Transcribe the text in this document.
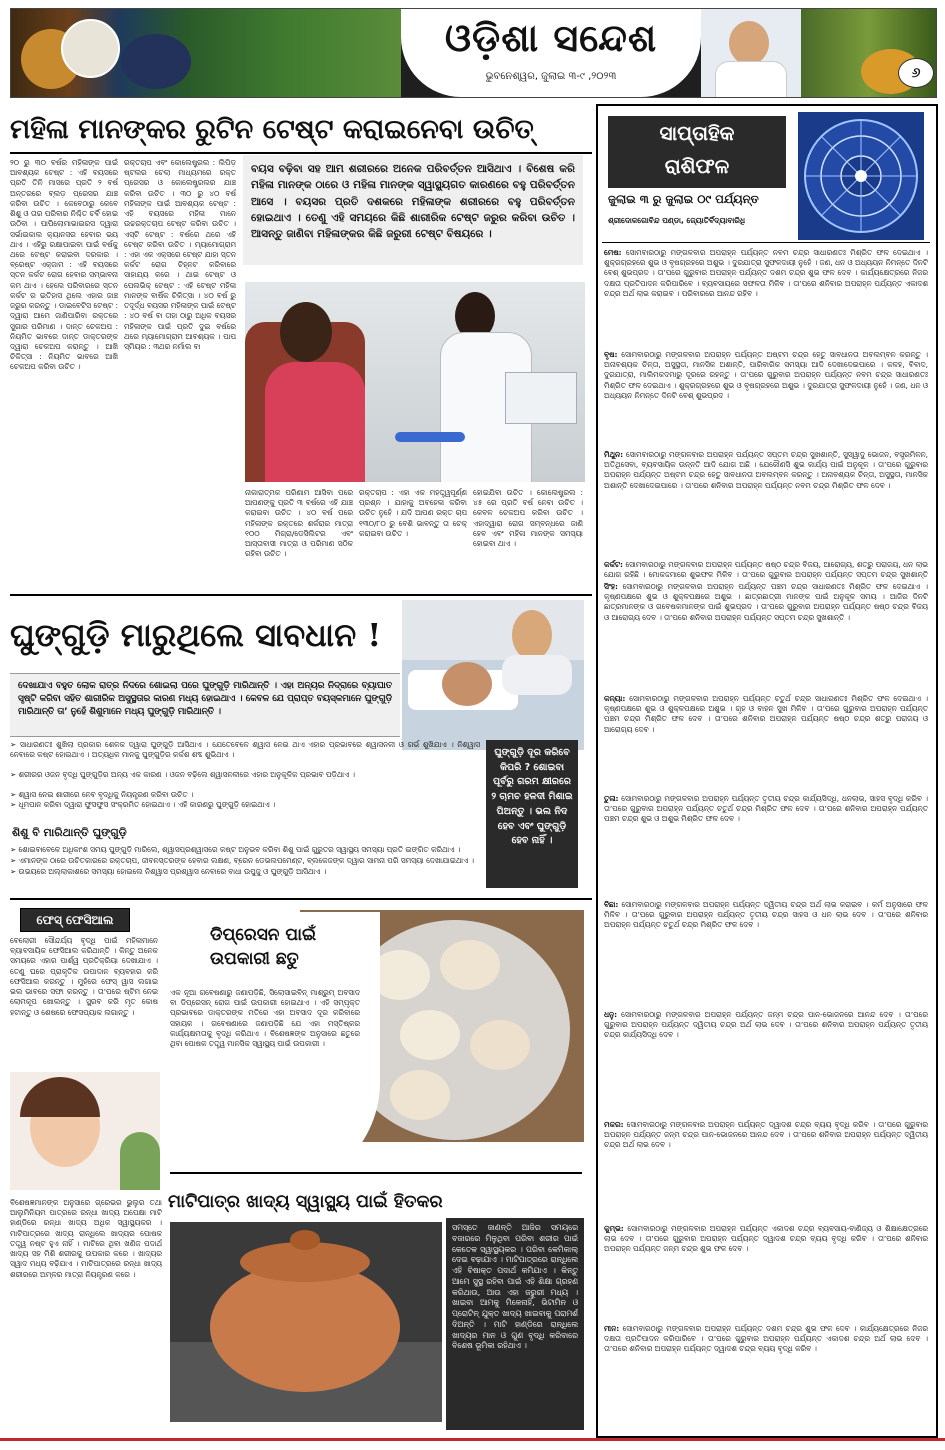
ଓଡ଼ିଶା ସନ୍ଦେଶ
ଭୁବନେଶ୍ୱର, ଜୁଲାଇ ୩-୯ ,୨୦୨୩	୬
ମହିଳା ମାନଙ୍କର ରୁଟିନ ଟେଷ୍ଟ କରାଇନେବା ଉଚିତ୍
୨୦ ରୁ ୩୦ ବର୍ଷର ମହିଳାଙ୍କ ପାଇଁ ଆବଶ୍ୟକ ଟେଷ୍ଟ : ଏହି ବୟସରେ ପ୍ରତି ତିନି ମାସରେ ପ୍ରତି ୨ ବର୍ଷ ଅନ୍ତରରେ ବ୍ଲଡ଼ ପ୍ରେସର ଯାଞ୍ଚ କରିବା ଉଚିତ । କେବେଠାରୁ କେବେ ଶିଶୁ ଓ ତାର ପରିବାର ନିଶ୍ଚିତ ଚର୍ବି ହୋଇ ଉଠିବା । ପାପିଲୋମାଭାଇରସ ଦ୍ୱାରା ସର୍ଭାଇକାଲ କ୍ୟାନସର ହେବାର ଭୟ ଥାଏ । ଏହିରୁ ରକ୍ଷାପାଇବା ପାଇଁ ବର୍ଷକୁ ଥରେ ଟେଷ୍ଟ କରାଇବା ଦରକାର । ବ୍ରେଷ୍ଟ ଏକ୍ଜାମ : ଏହି ବୟସରେ ସ୍ତନ କର୍କଟ ରୋଗ ହେବାର ସମ୍ଭାବନା କମ ଥାଏ । ହେଲେ ପରିବାରରେ ସ୍ତନ କର୍କଟ ର ଇତିହାସ ଥିଲେ ଏହାର ଜାଞ୍ଚ ଜରୁର କରନ୍ତୁ । ଡାଇବେଟିସ ଟେଷ୍ଟ : ଦ୍ୱାରା ଆମେ ଜାଣିପାରିବା ରକ୍ତରେ ସୁଗାର ପରିମାଣ । ଦାନ୍ତ ଚେକଅପ : ନିୟମିତ ଭାବରେ ଦାନ୍ତ ଡାକ୍ତରଙ୍କ ଦ୍ୱାରା ଚେକଅପ କରାନ୍ତୁ । ଆଖି ଚିକିତ୍ସା : ନିୟମିତ ଭାବରେ ଆଖି ଚେକଅପ କରିବା ଉଚିତ ।
ରକ୍ତଚାପ ଏବଂ କୋଲେଷ୍ଟ୍ରଲ : ଲିପିଡ଼ ଷ୍ଟଲର ଚେଲା ମାଧ୍ୟମରେ ରକ୍ତ ପ୍ରେସର ଓ କୋଲେଷ୍ଟ୍ରଲର ଯାଞ୍ଚ କରିବା ଉଚିତ । ୩୦ ରୁ ୪୦ ବର୍ଷ ମହିଳାଙ୍କ ପାଇଁ ଆବଶ୍ୟକ ଟେଷ୍ଟ : ଏହି ବୟସରେ ମହିଳା ମାନେ ଉଚ୍ଚରକ୍ତଚାପ ଟେଷ୍ଟ କରିବା ଉଚିତ । ଏସ୍‌ଟି ଟେଷ୍ଟ : ବର୍ଷରେ ଥରେ ଏହି ଟେଷ୍ଟ କରିବା ଉଚିତ । ମ୍ୟାମୋଗ୍ରାମ : ଏହା ଏକ ଏକ୍ସରେ ଟେଷ୍ଟ ଯାହା ସ୍ତନ କର୍କଟ ରୋଗ ଚିହ୍ନଟ କରିବାରେ ସାହାଯ୍ୟ କରେ । ଥାଇ ଟେଷ୍ଟ ଓ ପେଲଭିକ୍ ଟେଷ୍ଟ : ଏହି ଟେଷ୍ଟ ମହିଳା ମାନଙ୍କ ବାର୍ଷିକ ଚିକିତ୍ସା । ୪୦ ବର୍ଷ ରୁ ତଦୂର୍ଦ୍ଧ ବୟସର ମହିଳାଙ୍କ ପାଇଁ ଟେଷ୍ଟ : ୪୦ ବର୍ଷ ବା ତାହା ଠାରୁ ଅଧିକ ବୟସର ମହିଳାଙ୍କ ପାଇଁ ପ୍ରତି ଦୁଇ ବର୍ଷରେ ଥରେ ମ୍ୟାମୋଗ୍ରାମ ଆବଶ୍ୟକ । ପାପ ସ୍ମିୟର : ୩ଥର ନର୍ମାଲ ବା
ବୟସ ବଢ଼ିବା ସହ ଆମ ଶରୀରରେ ଅନେକ ପରିବର୍ତ୍ତନ ଆସିଥାଏ । ବିଶେଷ କରି ମହିଳା ମାନଙ୍କ ଠାରେ ଓ ମହିଳା ମାନଙ୍କ ସ୍ୱାସ୍ଥ୍ୟଗତ କାରଣରେ ବହୁ ପରିବର୍ତ୍ତନ ଆସେ । ବୟସର ପ୍ରତି ଦଶକରେ ମହିଳାଙ୍କ ଶରୀରରେ ବହୁ ପରିବର୍ତ୍ତନ ହୋଇଥାଏ । ତେଣୁ ଏହି ସମୟରେ କିଛି ଶାରୀରିକ ଟେଷ୍ଟ ଜରୁର କରିବା ଉଚିତ । ଆସନ୍ତୁ ଜାଣିବା ମହିଳାଙ୍କର କିଛି ଜରୁରୀ ଟେଷ୍ଟ ବିଷୟରେ ।
ନାକାରାତ୍ମକ ପରିଣାମ ଆସିବା ପରେ ଆପଣଙ୍କୁ ପ୍ରତି ୩ ବର୍ଷରେ ଏହି ଯାଞ୍ଚ କରାଇବା ଉଚିତ । ୪୦ ବର୍ଷ ପରେ ମହିଳାଙ୍କ ରକ୍ତରେ ଶର୍କରାର ମାତ୍ରା ୧୦୦ ମିଗ୍ରା/ଡେସିଲିଟର ଏବଂ ଆସ୍ତାବାସୀ ମାତ୍ରା ଓ ପରିମାଣ ସଠିକ ରହିବା ଉଚିତ ।
ରକ୍ତଚାପ : ଏହା ଏକ ମହତ୍ତ୍ୱପୂର୍ଣ୍ଣ ପ୍ରଶ୍ନ । ଯାହାକୁ ଅବହେଳା କରିବା ଉଚିତ ନୁହେଁ । ଯଦି ଆପଣ ରକ୍ତ ଚାପ ୧୩୦/୮୦ ରୁ ବେଶି ଭାବନ୍ତୁ ତା ଚେକ୍ କରାଇବା ଉଚିତ ।
ହୋଇଯିବା ଉଚିତ । କୋଲେଷ୍ଟ୍ରଲ : ୪୫ ରେ ପ୍ରତି ବର୍ଷ ନେବା ଉଚିତ । କେବଳ ଚେକଅପ କରିବା ଉଚିତ । ଏହାଦ୍ୱାରା ରୋଗ ସମ୍ବନ୍ଧରେ ଜାଣି ହେବ ଏବଂ ମହିଳା ମାନଙ୍କ ସମସ୍ୟା ହୋଇବା ଥାଏ ।
ଘୁଙ୍ଗୁଡ଼ି ମାରୁଥିଲେ ସାବଧାନ !
ଦେଖାଯାଏ ବହୁତ ଲୋକ ରାତ୍ର ନିଦରେ ଶୋଇଲା ପରେ ଘୁଙ୍ଗୁଡ଼ି ମାରିଥାନ୍ତି । ଏହା ଅନ୍ୟର ନିଦ୍ରାରେ ବ୍ୟାଘାତ ସୃଷ୍ଟି କରିବା ସହିତ ଶାରୀରିକ ଅସୁସ୍ଥତାର କାରଣ ମଧ୍ୟ ହୋଇଥାଏ । କେବଳ ଯେ ପ୍ରାପ୍ତ ବୟସ୍କମାନେ ଘୁଙ୍ଗୁଡ଼ି ମାରିଥାନ୍ତି ତା’ ନୁହେଁ ଶିଶୁମାନେ ମଧ୍ୟ ଘୁଙ୍ଗୁଡ଼ି ମାରିଥାନ୍ତି ।
➢ ସାଧାରଣତଃ ଶୁଖିଲା ପ୍ରକାର ଶେଳକ ଦ୍ୱାରା ଘୁଙ୍ଗୁଡ଼ି ଆସିଥାଏ । ଯେତେବେଳେ ଶ୍ୱାସ ନେଇ ଥାଏ ଏହାର ପ୍ରଭାବରେ ଶ୍ୱାସନଳୀ ଓ ଗର୍ଭ ଶୁଖିଯାଏ । ନିଶ୍ୱାସ ନେବାରେ କଷ୍ଟ ହୋଇଥାଏ । ଅତ୍ୟଧିକ ମାନକୁ ଘୁଙ୍ଗୁଡ଼ିର କର୍କଶ ଶବ୍ଦ ଶୁଭିଥାଏ ।
➢ ଶରୀରର ଓଜନ ବୃଦ୍ଧି ଘୁଙ୍ଗୁଡ଼ିର ଅନ୍ୟ ଏକ କାରଣ । ଓଜନ ବଢ଼ିଲେ ଶ୍ୱାସନଳୀରେ ଏହାର ଅନୁକୂଳିକ ପ୍ରଭାବ ପଡ଼ିଥାଏ ।
➢ ଶ୍ୱାସ ନେଇ ଶାରୀରେ ନେବ ବୃଦ୍ଧିକୁ ନିୟନ୍ତ୍ରଣ କରିବା ଉଚିତ ।
➢ ଧୂମପାନ କରିବା ଦ୍ୱାରା ଫୁସଫୁସ ସଂକ୍ରମିତ ହୋଇଥାଏ । ଏହି କାରଣରୁ ଘୁଙ୍ଗୁଡ଼ି ହୋଇଥାଏ ।
ଶିଶୁ ବି ମାରିଥାନ୍ତି ଘୁଙ୍ଗୁଡ଼ି
➢ ଶୋଇବାବେଳେ ଅଧିକାଂଶ ସମୟ ଘୁଙ୍ଗୁଡ଼ି ମାରିଲେ, ଶ୍ୱାସପ୍ରଶ୍ୱାସରେ କଷ୍ଟ ଅନୁଭବ କରିବା ଶିଶୁ ପାଇଁ ଗୁରୁତର ସ୍ୱାସ୍ଥ୍ୟ ସମସ୍ୟା ପ୍ରତି ଇଙ୍ଗିତ କରିଥାଏ ।
➢ ଏମାନଙ୍କ ଠାରେ ଉଚିତକାରରେ ରକ୍ତଚାପ, ଜୀବନସ୍ତରଙ୍କ ହେବାର ଲକ୍ଷଣ, ବ୍ରେନ ଡେଭଲପମେଣ୍ଟ, ବ୍ଲକେଜଙ୍କ ଦ୍ୱାର ସାମନା ପରି ସମସ୍ୟା ଦେଖାଯାଇଥାଏ ।
➢ ଉଭୟରେ ଅଲ୍ଲାକାଶରେ ସମସ୍ୟା ହୋଇଲେ ନିଶ୍ୱାସ ପ୍ରଶ୍ୱାସ ନେବାରେ ବାଧା ଉପୁଜୁ ଓ ଘୁଙ୍ଗୁଡ଼ି ଆସିଥାଏ ।
ଘୁଙ୍ଗୁଡ଼ି ଦୂର କରିବେ କିପରି ? ଶୋଇବା ପୂର୍ବରୁ ଗରମ କ୍ଷୀରରେ ୨ ଚାମଚ ହଳଦୀ ମିଶାଇ ପିଅନ୍ତୁ । ଭଲ ନିଦ ହେବ ଏବଂ ଘୁଙ୍ଗୁଡ଼ି ହେବ ନାହିଁ ।
ଫେସ୍ ଫେସିଆଲ
ବେଲୋରୀ ସୌନ୍ଦର୍ଯ୍ୟ ବୃଦ୍ଧି ପାଇଁ ମହିଳାମାନେ ବ୍ୟାବସାୟିକ ଫେସିଆଲ କରିଥାନ୍ତି । କିନ୍ତୁ ଅନେକ ସମୟରେ ଏହାର ପାର୍ଶ୍ୱ ପ୍ରତିକ୍ରିୟା ଦେଖାଯାଏ । ତେଣୁ ଘରେ ପ୍ରାକୃତିକ ଉପାଦାନ ବ୍ୟବହାର କରି ଫେସିଆଲ କରନ୍ତୁ । ମୁହଁରେ ଫେସ୍ ୱାସ ଲଗାଇ ଭଲ ଭାବରେ ସଫା କରନ୍ତୁ । ତା’ପରେ ଷ୍ଟିମ ନେଇ ଲୋମକୂପ ଖୋଲନ୍ତୁ । ସ୍କ୍ରବ କରି ମୃତ କୋଷ ହଟାନ୍ତୁ ଓ ଶେଷରେ ଫେସପ୍ୟାକ ଲଗାନ୍ତୁ ।
ଡିପ୍ରେସନ ପାଇଁ ଉପକାରୀ ଛତୁ
ଏକ ନୂଆ ଗବେଷଣାରୁ ଜଣାପଡ଼ିଛି, ସିଲୋସାଇବିନ୍ ମାଶ୍‌ରୁମ୍ ଅବସାଦ ବା ଡିପ୍ରେସନ୍ ରୋଗ ପାଇଁ ଉପକାରୀ ହୋଇଥାଏ । ଏହି ସମ୍ପୃକ୍ତ ପ୍ରଭାବରେ ଡାକ୍ତରଙ୍କ ମତିରେ ଏହା ଅବସାଦ ଦୂର କରିବାରେ ସହାୟକ । ଗବେଷଣାରେ ଜଣାପଡ଼ିଛି ଯେ ଏହା ମସ୍ତିଷ୍କର କାର୍ଯ୍ୟକ୍ଷମତାକୁ ବୃଦ୍ଧି କରିଥାଏ । ବିଶେଷଜ୍ଞଙ୍କ ଅନୁସାରେ ଛତୁରେ ଥିବା ପୋଷକ ତତ୍ତ୍ୱ ମାନସିକ ସ୍ୱାସ୍ଥ୍ୟ ପାଇଁ ଉପକାରୀ ।
ମାଟିପାତ୍ର ଖାଦ୍ୟ ସ୍ୱାସ୍ଥ୍ୟ ପାଇଁ ହିତକର
ବିଶେଷଜ୍ଞମାନଙ୍କ ଅନୁସାରେ ଗ୍ରେଭର ଭୁଲୁର ତଥା ଆଲୁମିନିୟମ ପାତ୍ରରେ ରନ୍ଧା ଖାଦ୍ୟ ଅପେକ୍ଷା ମାଟି ହାଣ୍ଡିରେ ରନ୍ଧା ଖାଦ୍ୟ ଅଧିକ ସ୍ୱାସ୍ଥ୍ୟକର । ମାଟିପାତ୍ରରେ ଖାଦ୍ୟ ରାନ୍ଧିଲେ ଖାଦ୍ୟର ପୋଷକ ତତ୍ତ୍ୱ ନଷ୍ଟ ହୁଏ ନାହିଁ । ମାଟିରେ ଥିବା ଖଣିଜ ପଦାର୍ଥ ଖାଦ୍ୟ ସହ ମିଶି ଶରୀରକୁ ଉପକାର କରେ । ଖାଦ୍ୟର ସ୍ୱାଦ ମଧ୍ୟ ବଢ଼ିଯାଏ । ମାଟିପାତ୍ରରେ ରନ୍ଧା ଖାଦ୍ୟ ଶରୀରରେ ଅମ୍ଳର ମାତ୍ରା ନିୟନ୍ତ୍ରଣ କରେ ।
ସମସ୍ତେ ଜାଣନ୍ତି ଆଜିର ସମୟରେ ବଜାରରେ ମିଳୁଥିବା ପରିବା ଶରୀର ପାଇଁ କେତେକ ସ୍ୱାସ୍ଥ୍ୟକର । ପରିବା କେମିକାଲ୍ ଦେଇ ବଢ଼ାଯାଏ । ମାଟିପାତ୍ରରେ ରାନ୍ଧିଲେ ଏହି ବିଷାକ୍ତ ପଦାର୍ଥ କମିଯାଏ । କିନ୍ତୁ ଆମେ ସୁସ୍ଥ ରହିବା ପାଇଁ ଏହି ଶିକ୍ଷା ଗ୍ରହଣ କରିଥାଉ, ଆଉ ଏହା ଜରୁରୀ ମଧ୍ୟ । ଖାଇବା ଆମକୁ ମିଳେନାହିଁ, ଭିଟାମିନ ଓ ପ୍ରୋଟିନ୍ ଯୁକ୍ତ ଖାଦ୍ୟ ଖାଇବାକୁ ପରାମର୍ଶ ଦିଅନ୍ତି । ମାଟି ହାଣ୍ଡିରେ ରାନ୍ଧିଲେ ଖାଦ୍ୟର ମାନ ଓ ଗୁଣ ବୃଦ୍ଧି କରିବାରେ ବିଶେଷ ଭୂମିକା ରହିଥାଏ ।
ସାପ୍ତାହିକ
ରାଶିଫଳ
ଜୁଲାଇ ୩ ରୁ ଜୁଲାଇ ୦୯ ପର୍ଯ୍ୟନ୍ତ
ଶ୍ରୀଦୋଳଗୋବିନ୍ଦ ପଣ୍ଡା, ଜ୍ୟୋତିର୍ବିଦ୍ୟାବାରିଧି
ମେଷ: ସୋମବାରଠାରୁ ମଙ୍ଗଳବାର ଅପରାହ୍ନ ପର୍ଯ୍ୟନ୍ତ ନବମ ଚନ୍ଦ୍ର ସାଧାରଣତଃ ମିଶ୍ରିତ ଫଳ ଦେଇଥାଏ । ଶୁକ୍ରଗ୍ରହରେ ଶୁଭ ଓ ବୃଷଗ୍ରହରେ ଅଶୁଭ । ଦୁରଯାତ୍ରା ସୁଫଳଦାୟୀ ନୁହେଁ । ଜଣ, ଧନ ଓ ଅଧ୍ୟୟନ ନିମନ୍ତେ ଦିନଟି ବେଶ୍ ଶୁଭପ୍ରଦ । ତା’ପରେ ଗୁରୁବାର ଅପରାହ୍ନ ପର୍ଯ୍ୟନ୍ତ ଦଶମ ଚନ୍ଦ୍ର ଶୁଭ ଫଳ ଦେବ । କାର୍ଯ୍ୟକ୍ଷେତ୍ରରେ ନିଜର ଦକ୍ଷତା ପ୍ରତିପାଦନ କରିପାରିବେ । ବ୍ୟବସାୟରେ ସଫଳତା ମିଳିବ । ତା’ପରେ ଶନିବାର ଅପରାହ୍ନ ପର୍ଯ୍ୟନ୍ତ ଏକାଦଶ ଚନ୍ଦ୍ର ଅର୍ଥ ଲାଭ କରାଇବ । ପରିବାରରେ ଆନନ୍ଦ ରହିବ ।
ବୃଷ: ସୋମବାରଠାରୁ ମଙ୍ଗଳବାର ଅପରାହ୍ନ ପର୍ଯ୍ୟନ୍ତ ଅଷ୍ଟମ ଚନ୍ଦ୍ର ହେତୁ ସାବଧାନତା ଅବଲମ୍ବନ କରନ୍ତୁ । ଅନାବଶ୍ୟକ ଚିନ୍ତା, ଅସୁସ୍ଥତା, ମାନସିକ ଅଶାନ୍ତି, ପାରିବାରିକ ସମସ୍ୟା ଆଦି ଦେଖାଦେଇପାରେ । କଳହ, ବିବାଦ, ଦୁରଯାତ୍ରା, ମାଲିମକଦମାରୁ ଦୂରରେ ରହନ୍ତୁ । ତା’ପରେ ଗୁରୁବାର ଅପରାହ୍ନ ପର୍ଯ୍ୟନ୍ତ ନବମ ଚନ୍ଦ୍ର ସାଧାରଣତଃ ମିଶ୍ରିତ ଫଳ ଦେଇଥାଏ । ଶୁକ୍ରଗ୍ରହରେ ଶୁଭ ଓ ବୃଷଗ୍ରହରେ ଅଶୁଭ । ଦୁରଯାତ୍ରା ସୁଫଳଦାୟୀ ନୁହେଁ । ଜଣ, ଧନ ଓ ଅଧ୍ୟୟନ ନିମନ୍ତେ ଦିନଟି ବେଶ୍ ଶୁଭପ୍ରଦ ।
ମିଥୁନ: ସୋମବାରଠାରୁ ମଙ୍ଗଳବାର ଅପରାହ୍ନ ପର୍ଯ୍ୟନ୍ତ ସପ୍ତମ ଚନ୍ଦ୍ର ସୁଖଶାନ୍ତି, ସୁସ୍ୱାଦୁ ଭୋଜନ, ବସ୍ତ୍ରମିଳନ, ଅତିଥିସେବା, ବ୍ୟବସାୟିକ ଉନ୍ନତି ଆଦି ଯୋଗ ଅଛି । ଯେକୌଣସି ଶୁଭ କାର୍ଯ୍ୟ ପାଇଁ ଅନୁକୂଳ । ତା’ପରେ ଗୁରୁବାର ଅପରାହ୍ନ ପର୍ଯ୍ୟନ୍ତ ଅଷ୍ଟମ ଚନ୍ଦ୍ର ହେତୁ ସାବଧାନତା ଅବଲମ୍ବନ କରନ୍ତୁ । ଅନାବଶ୍ୟକ ଚିନ୍ତା, ଅସୁସ୍ଥତା, ମାନସିକ ଅଶାନ୍ତି ଦେଖାଦେଇପାରେ । ତା’ପରେ ଶନିବାର ଅପରାହ୍ନ ପର୍ଯ୍ୟନ୍ତ ନବମ ଚନ୍ଦ୍ର ମିଶ୍ରିତ ଫଳ ଦେବ ।
କର୍କଟ: ସୋମବାରଠାରୁ ମଙ୍ଗଳବାର ଅପରାହ୍ନ ପର୍ଯ୍ୟନ୍ତ ଷଷ୍ଠ ଚନ୍ଦ୍ର ବିଜୟ, ଆରୋଗ୍ୟ, ଶତ୍ରୁ ପରାଜୟ, ଧନ ଲାଭ ଯୋଗ ରହିଛି । ମୋକଦ୍ଦମାରେ ଶୁଭଫଳ ମିଳିବ । ତା’ପରେ ଗୁରୁବାର ଅପରାହ୍ନ ପର୍ଯ୍ୟନ୍ତ ସପ୍ତମ ଚନ୍ଦ୍ର ସୁଖଶାନ୍ତି
ସିଂହ: ସୋମବାରଠାରୁ ମଙ୍ଗଳବାର ଅପରାହ୍ନ ପର୍ଯ୍ୟନ୍ତ ପଞ୍ଚମ ଚନ୍ଦ୍ର ସାଧାରଣତଃ ମିଶ୍ରିତ ଫଳ ଦେଇଥାଏ । କୃଷ୍ଣପକ୍ଷରେ ଶୁଭ ଓ ଶୁକ୍ଳପକ୍ଷରେ ଅଶୁଭ । ଛାତ୍ରଛାତ୍ରୀ ମାନଙ୍କ ପାଇଁ ଅନୁକୂଳ ସମୟ । ଆଜିର ଦିନଟି ଛାତ୍ରମାନଙ୍କ ଓ ଗବେଷକମାନଙ୍କ ପାଇଁ ଶୁଭପ୍ରଦ । ତା’ପରେ ଗୁରୁବାର ଅପରାହ୍ନ ପର୍ଯ୍ୟନ୍ତ ଷଷ୍ଠ ଚନ୍ଦ୍ର ବିଜୟ ଓ ଆରୋଗ୍ୟ ଦେବ । ତା’ପରେ ଶନିବାର ଅପରାହ୍ନ ପର୍ଯ୍ୟନ୍ତ ସପ୍ତମ ଚନ୍ଦ୍ର ସୁଖଶାନ୍ତି ।
କନ୍ୟା: ସୋମବାରଠାରୁ ମଙ୍ଗଳବାର ଅପରାହ୍ନ ପର୍ଯ୍ୟନ୍ତ ଚତୁର୍ଥ ଚନ୍ଦ୍ର ସାଧାରଣତଃ ମିଶ୍ରିତ ଫଳ ଦେଇଥାଏ । କୃଷ୍ଣପକ୍ଷରେ ଶୁଭ ଓ ଶୁକ୍ଳପକ୍ଷରେ ଅଶୁଭ । ଗୃହ ଓ ବାହନ ସୁଖ ମିଳିବ । ତା’ପରେ ଗୁରୁବାର ଅପରାହ୍ନ ପର୍ଯ୍ୟନ୍ତ ପଞ୍ଚମ ଚନ୍ଦ୍ର ମିଶ୍ରିତ ଫଳ ଦେବ । ତା’ପରେ ଶନିବାର ଅପରାହ୍ନ ପର୍ଯ୍ୟନ୍ତ ଷଷ୍ଠ ଚନ୍ଦ୍ର ଶତ୍ରୁ ପରାଜୟ ଓ ଆରୋଗ୍ୟ ଦେବ ।
ତୁଳା: ସୋମବାରଠାରୁ ମଙ୍ଗଳବାର ଅପରାହ୍ନ ପର୍ଯ୍ୟନ୍ତ ତୃତୀୟ ଚନ୍ଦ୍ର କାର୍ଯ୍ୟସିଦ୍ଧି, ଧନଲାଭ, ସାହସ ବୃଦ୍ଧି କରିବ । ତା’ପରେ ଗୁରୁବାର ଅପରାହ୍ନ ପର୍ଯ୍ୟନ୍ତ ଚତୁର୍ଥ ଚନ୍ଦ୍ର ମିଶ୍ରିତ ଫଳ ଦେବ । ତା’ପରେ ଶନିବାର ଅପରାହ୍ନ ପର୍ଯ୍ୟନ୍ତ ପଞ୍ଚମ ଚନ୍ଦ୍ର ଶୁଭ ଓ ଅଶୁଭ ମିଶ୍ରିତ ଫଳ ଦେବ ।
ବିଛା: ସୋମବାରଠାରୁ ମଙ୍ଗଳବାର ଅପରାହ୍ନ ପର୍ଯ୍ୟନ୍ତ ଦ୍ୱିତୀୟ ଚନ୍ଦ୍ର ଅର୍ଥ ଲାଭ କରାଇବ । କର୍ମ ଅନୁସାରେ ଫଳ ମିଳିବ । ତା’ପରେ ଗୁରୁବାର ଅପରାହ୍ନ ପର୍ଯ୍ୟନ୍ତ ତୃତୀୟ ଚନ୍ଦ୍ର ସାହସ ଓ ଧନ ଲାଭ ଦେବ । ତା’ପରେ ଶନିବାର ଅପରାହ୍ନ ପର୍ଯ୍ୟନ୍ତ ଚତୁର୍ଥ ଚନ୍ଦ୍ର ମିଶ୍ରିତ ଫଳ ଦେବ ।
ଧନୁ: ସୋମବାରଠାରୁ ମଙ୍ଗଳବାର ଅପରାହ୍ନ ପର୍ଯ୍ୟନ୍ତ ଜନ୍ମ ଚନ୍ଦ୍ର ପାନ-ଭୋଜନରେ ଆନନ୍ଦ ଦେବ । ତା’ପରେ ଗୁରୁବାର ଅପରାହ୍ନ ପର୍ଯ୍ୟନ୍ତ ଦ୍ୱିତୀୟ ଚନ୍ଦ୍ର ଅର୍ଥ ଲାଭ ଦେବ । ତା’ପରେ ଶନିବାର ଅପରାହ୍ନ ପର୍ଯ୍ୟନ୍ତ ତୃତୀୟ ଚନ୍ଦ୍ର କାର୍ଯ୍ୟସିଦ୍ଧି ଦେବ ।
ମକର: ସୋମବାରଠାରୁ ମଙ୍ଗଳବାର ଅପରାହ୍ନ ପର୍ଯ୍ୟନ୍ତ ଦ୍ୱାଦଶ ଚନ୍ଦ୍ର ବ୍ୟୟ ବୃଦ୍ଧି କରିବ । ତା’ପରେ ଗୁରୁବାର ଅପରାହ୍ନ ପର୍ଯ୍ୟନ୍ତ ଜନ୍ମ ଚନ୍ଦ୍ର ପାନ-ଭୋଜନରେ ଆନନ୍ଦ ଦେବ । ତା’ପରେ ଶନିବାର ଅପରାହ୍ନ ପର୍ଯ୍ୟନ୍ତ ଦ୍ୱିତୀୟ ଚନ୍ଦ୍ର ଅର୍ଥ ଲାଭ ଦେବ ।
କୁମ୍ଭ: ସୋମବାରଠାରୁ ମଙ୍ଗଳବାର ଅପରାହ୍ନ ପର୍ଯ୍ୟନ୍ତ ଏକାଦଶ ଚନ୍ଦ୍ର ବ୍ୟବସାୟ-ବାଣିଜ୍ୟ ଓ ଶିକ୍ଷାକ୍ଷେତ୍ରରେ ଲାଭ ଦେବ । ତା’ପରେ ଗୁରୁବାର ଅପରାହ୍ନ ପର୍ଯ୍ୟନ୍ତ ଦ୍ୱାଦଶ ଚନ୍ଦ୍ର ବ୍ୟୟ ବୃଦ୍ଧି କରିବ । ତା’ପରେ ଶନିବାର ଅପରାହ୍ନ ପର୍ଯ୍ୟନ୍ତ ଜନ୍ମ ଚନ୍ଦ୍ର ଶୁଭ ଫଳ ଦେବ ।
ମୀନ: ସୋମବାରଠାରୁ ମଙ୍ଗଳବାର ଅପରାହ୍ନ ପର୍ଯ୍ୟନ୍ତ ଦଶମ ଚନ୍ଦ୍ର ଶୁଭ ଫଳ ଦେବ । କାର୍ଯ୍ୟକ୍ଷେତ୍ରରେ ନିଜର ଦକ୍ଷତା ପ୍ରତିପାଦନ କରିପାରିବେ । ତା’ପରେ ଗୁରୁବାର ଅପରାହ୍ନ ପର୍ଯ୍ୟନ୍ତ ଏକାଦଶ ଚନ୍ଦ୍ର ଅର୍ଥ ଲାଭ ଦେବ । ତା’ପରେ ଶନିବାର ଅପରାହ୍ନ ପର୍ଯ୍ୟନ୍ତ ଦ୍ୱାଦଶ ଚନ୍ଦ୍ର ବ୍ୟୟ ବୃଦ୍ଧି କରିବ ।
